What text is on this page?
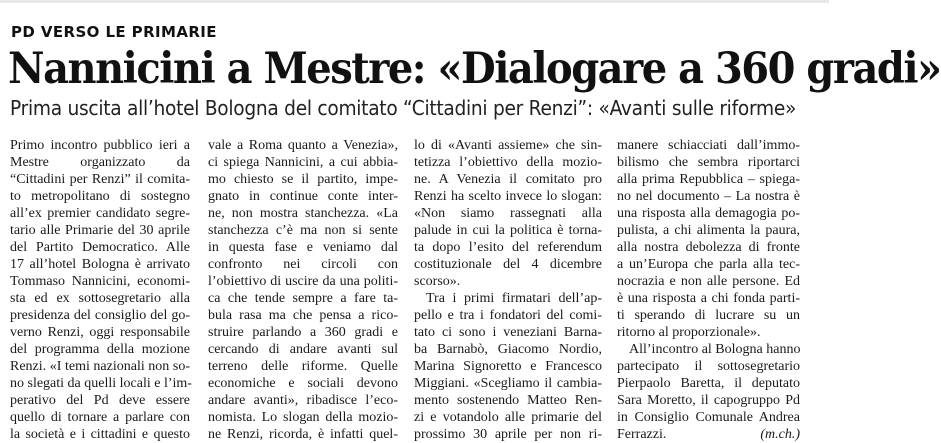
PD VERSO LE PRIMARIE
Nannicini a Mestre: «Dialogare a 360 gradi»
Prima uscita all’hotel Bologna del comitato “Cittadini per Renzi”: «Avanti sulle riforme»
Primo incontro pubblico ieri a
Mestre organizzato da
“Cittadini per Renzi” il comita-
to metropolitano di sostegno
all’ex premier candidato segre-
tario alle Primarie del 30 aprile
del Partito Democratico. Alle
17 all’hotel Bologna è arrivato
Tommaso Nannicini, economi-
sta ed ex sottosegretario alla
presidenza del consiglio del go-
verno Renzi, oggi responsabile
del programma della mozione
Renzi. «I temi nazionali non so-
no slegati da quelli locali e l’im-
perativo del Pd deve essere
quello di tornare a parlare con
la società e i cittadini e questo
vale a Roma quanto a Venezia»,
ci spiega Nannicini, a cui abbia-
mo chiesto se il partito, impe-
gnato in continue conte inter-
ne, non mostra stanchezza. «La
stanchezza c’è ma non si sente
in questa fase e veniamo dal
confronto nei circoli con
l’obiettivo di uscire da una politi-
ca che tende sempre a fare ta-
bula rasa ma che pensa a rico-
struire parlando a 360 gradi e
cercando di andare avanti sul
terreno delle riforme. Quelle
economiche e sociali devono
andare avanti», ribadisce l’eco-
nomista. Lo slogan della mozio-
ne Renzi, ricorda, è infatti quel-
lo di «Avanti assieme» che sin-
tetizza l’obiettivo della mozio-
ne. A Venezia il comitato pro
Renzi ha scelto invece lo slogan:
«Non siamo rassegnati alla
palude in cui la politica è torna-
ta dopo l’esito del referendum
costituzionale del 4 dicembre
scorso».
Tra i primi firmatari dell’ap-
pello e tra i fondatori del comi-
tato ci sono i veneziani Barna-
ba Barnabò, Giacomo Nordio,
Marina Signoretto e Francesco
Miggiani. «Scegliamo il cambia-
mento sostenendo Matteo Ren-
zi e votandolo alle primarie del
prossimo 30 aprile per non ri-
manere schiacciati dall’immo-
bilismo che sembra riportarci
alla prima Repubblica – spiega-
no nel documento – La nostra è
una risposta alla demagogia po-
pulista, a chi alimenta la paura,
alla nostra debolezza di fronte
a un’Europa che parla alla tec-
nocrazia e non alle persone. Ed
è una risposta a chi fonda parti-
ti sperando di lucrare su un
ritorno al proporzionale».
All’incontro al Bologna hanno
partecipato il sottosegretario
Pierpaolo Baretta, il deputato
Sara Moretto, il capogruppo Pd
in Consiglio Comunale Andrea
Ferrazzi.	(m.ch.)
